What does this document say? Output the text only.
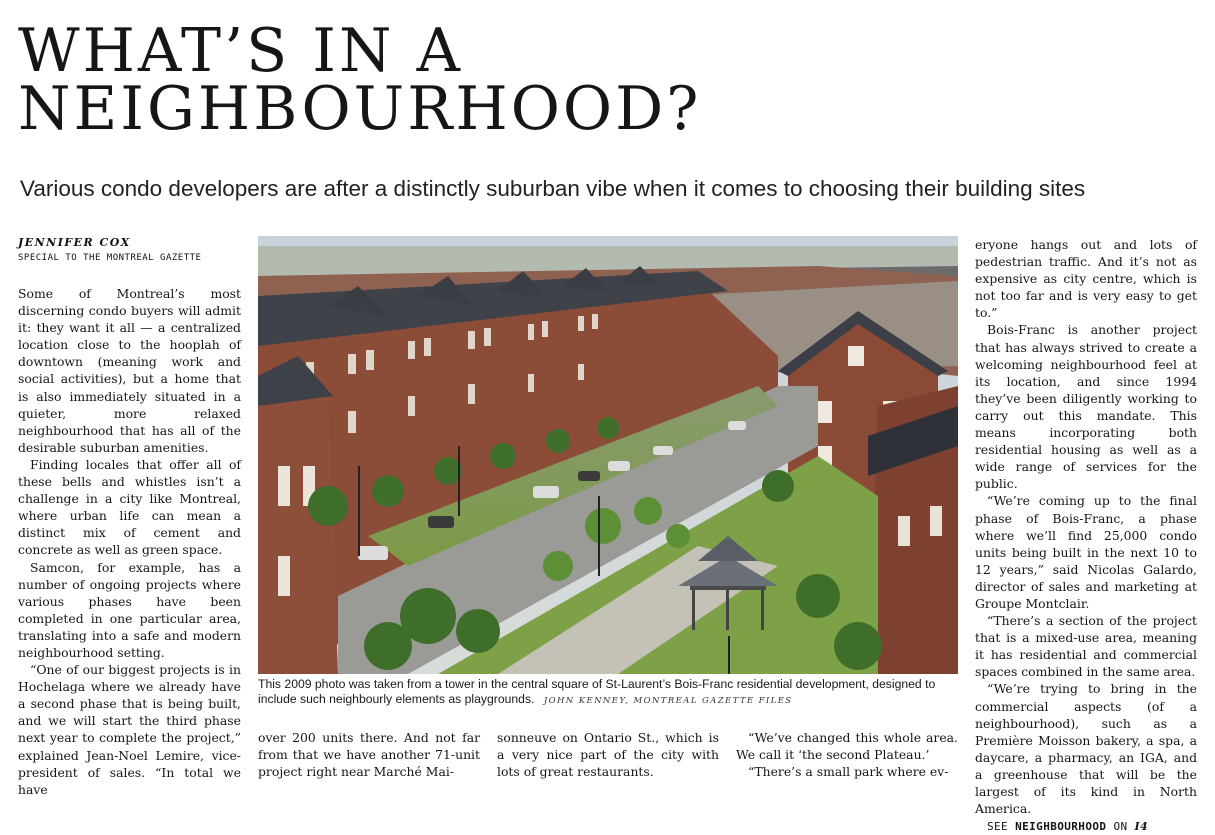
WHAT’S IN A
NEIGHBOURHOOD?
Various condo developers are after a distinctly suburban vibe when it comes to choosing their building sites
JENNIFER COX
SPECIAL TO THE MONTREAL GAZETTE

Some of Montreal’s most discerning condo buyers will admit it: they want it all — a centralized location close to the hooplah of downtown (meaning work and social activities), but a home that is also immediately situated in a quieter, more relaxed neighbourhood that has all of the desirable suburban amenities.

Finding locales that offer all of these bells and whistles isn’t a challenge in a city like Montreal, where urban life can mean a distinct mix of cement and concrete as well as green space.

Samcon, for example, has a number of ongoing projects where various phases have been completed in one particular area, translating into a safe and modern neighbourhood setting.

“One of our biggest projects is in Hochelaga where we already have a second phase that is being built, and we will start the third phase next year to complete the project,” explained Jean-Noel Lemire, vice-president of sales. “In total we have

This 2009 photo was taken from a tower in the central square of St-Laurent’s Bois-Franc residential development, designed to include such neighbourly elements as playgrounds. JOHN KENNEY, MONTREAL GAZETTE FILES

over 200 units there. And not far from that we have another 71-unit project right near Marché Mai-

sonneuve on Ontario St., which is a very nice part of the city with lots of great restaurants.

“We’ve changed this whole area. We call it ‘the second Plateau.’

“There’s a small park where ev-

eryone hangs out and lots of pedestrian traffic. And it’s not as expensive as city centre, which is not too far and is very easy to get to.”

Bois-Franc is another project that has always strived to create a welcoming neighbourhood feel at its location, and since 1994 they’ve been diligently working to carry out this mandate. This means incorporating both residential housing as well as a wide range of services for the public.

“We’re coming up to the final phase of Bois-Franc, a phase where we’ll find 25,000 condo units being built in the next 10 to 12 years,” said Nicolas Galardo, director of sales and marketing at Groupe Montclair.

“There’s a section of the project that is a mixed-use area, meaning it has residential and commercial spaces combined in the same area.

“We’re trying to bring in the commercial aspects (of a neighbourhood), such as a Première Moisson bakery, a spa, a daycare, a pharmacy, an IGA, and a greenhouse that will be the largest of its kind in North America.

SEE NEIGHBOURHOOD ON I4
